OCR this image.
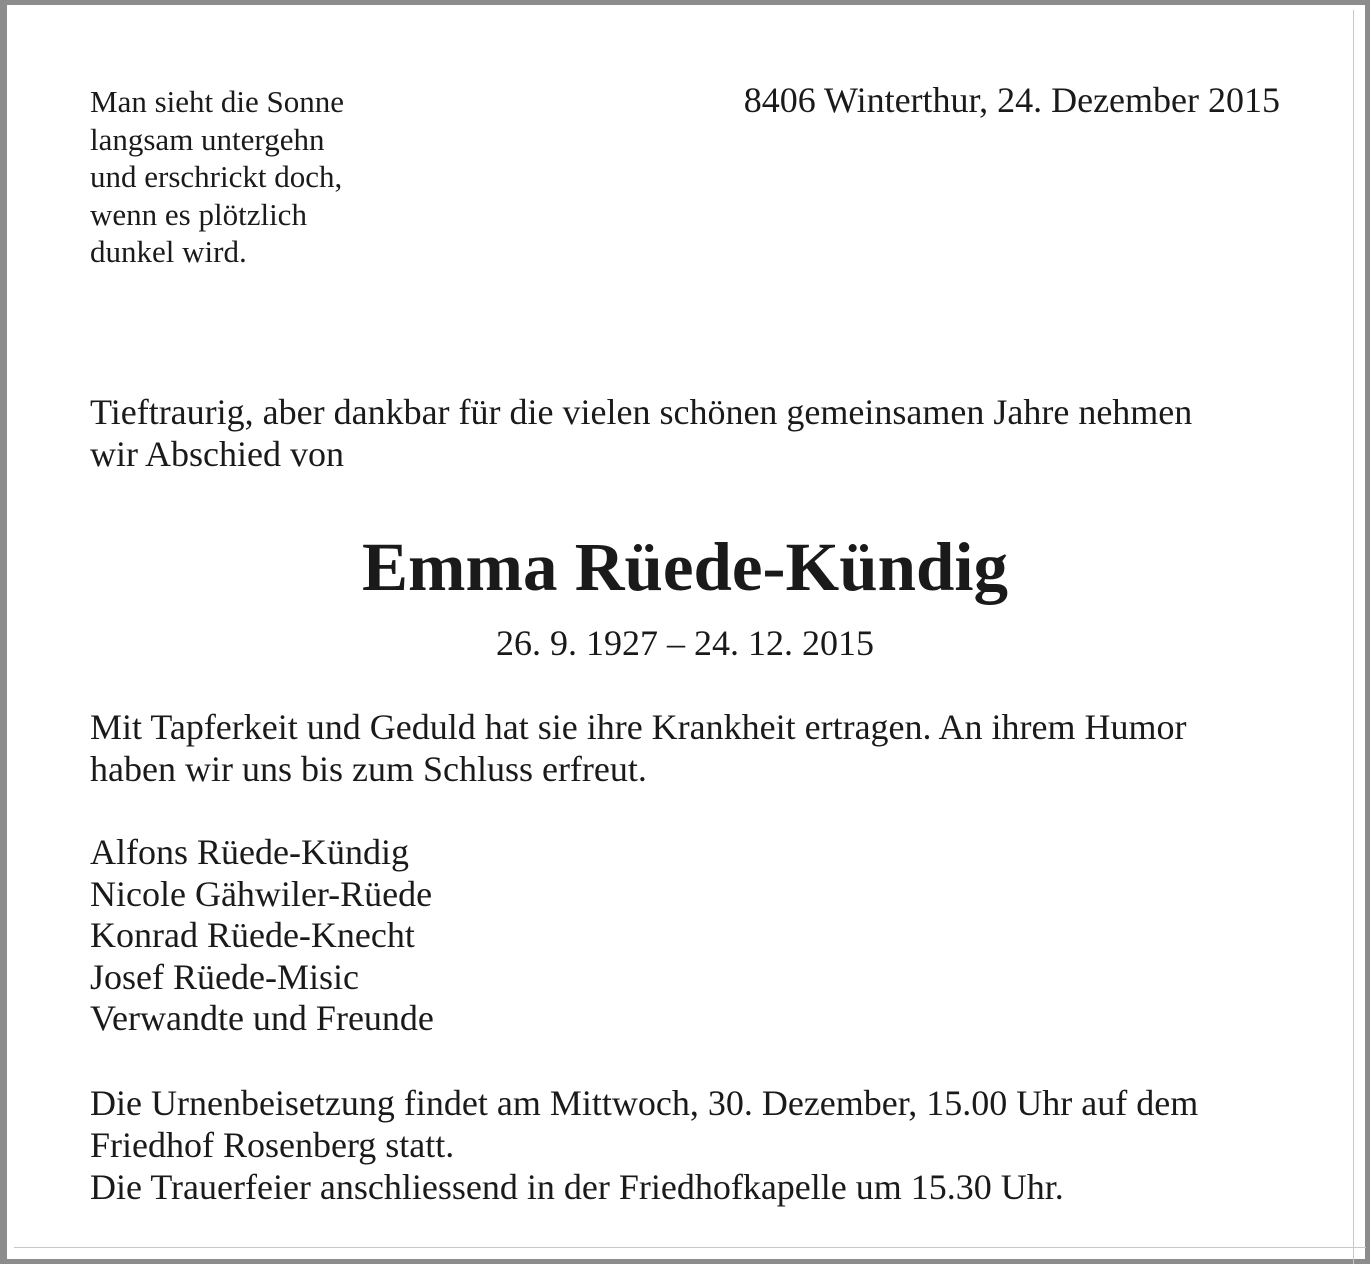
Man sieht die Sonne
langsam untergehn
und erschrickt doch,
wenn es plötzlich
dunkel wird.
8406 Winterthur, 24. Dezember 2015
Tieftraurig, aber dankbar für die vielen schönen gemeinsamen Jahre nehmen
wir Abschied von
Emma Rüede-Kündig
26. 9. 1927 – 24. 12. 2015
Mit Tapferkeit und Geduld hat sie ihre Krankheit ertragen. An ihrem Humor
haben wir uns bis zum Schluss erfreut.
Alfons Rüede-Kündig
Nicole Gähwiler-Rüede
Konrad Rüede-Knecht
Josef Rüede-Misic
Verwandte und Freunde
Die Urnenbeisetzung findet am Mittwoch, 30. Dezember, 15.00 Uhr auf dem
Friedhof Rosenberg statt.
Die Trauerfeier anschliessend in der Friedhofkapelle um 15.30 Uhr.
